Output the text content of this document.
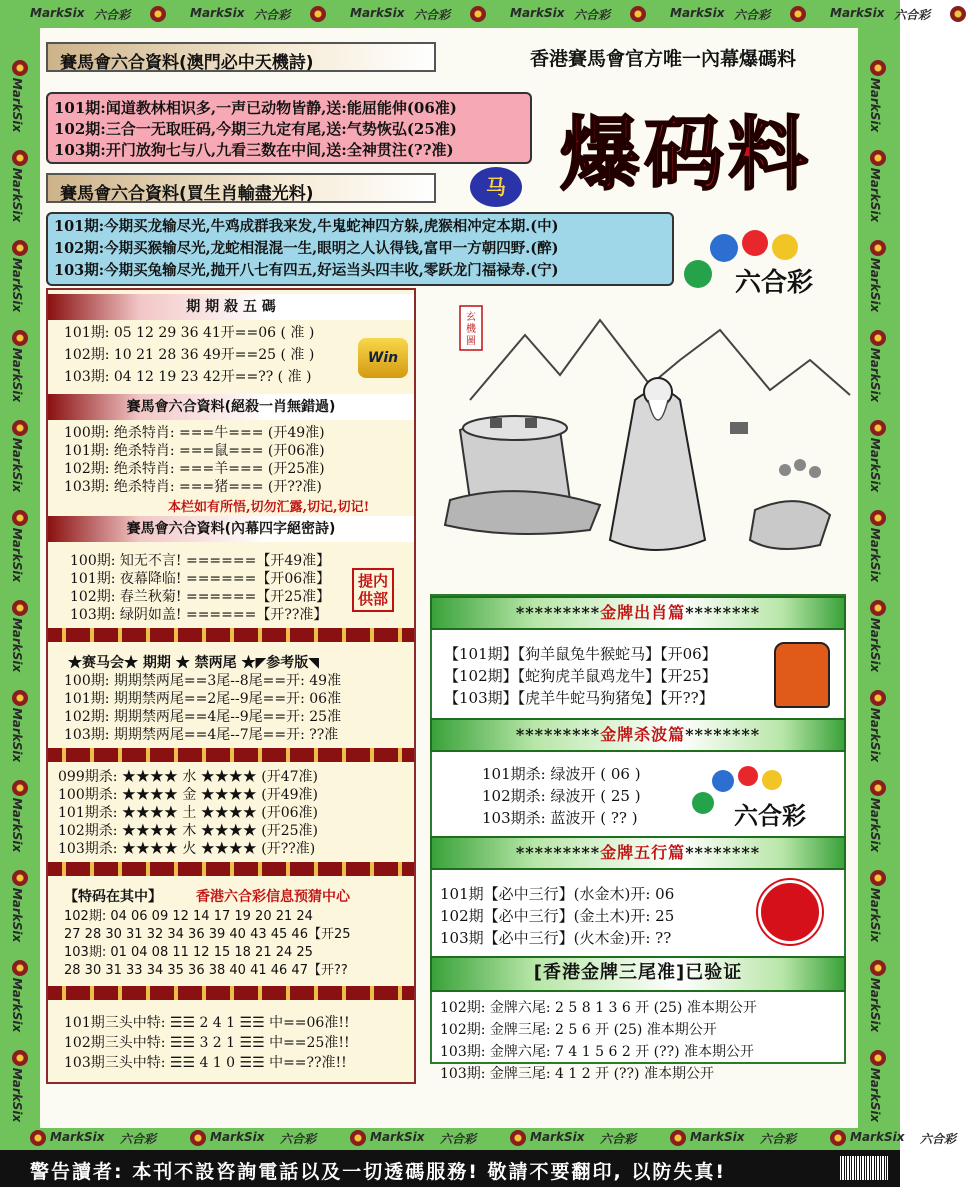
MarkSix 六合彩	MarkSix 六合彩	MarkSix 六合彩	MarkSix 六合彩	MarkSix 六合彩	MarkSix 六合彩
MarkSix 六合彩	MarkSix 六合彩	MarkSix 六合彩	MarkSix 六合彩	MarkSix 六合彩	MarkSix 六合彩
MarkSix	MarkSix
MarkSix	MarkSix
MarkSix	MarkSix
MarkSix	MarkSix
MarkSix	MarkSix
MarkSix	MarkSix
MarkSix	MarkSix
MarkSix	MarkSix
MarkSix	MarkSix
MarkSix	MarkSix
MarkSix	MarkSix
MarkSix	MarkSix
賽馬會六合資料(澳門必中天機詩)	香港賽馬會官方唯一內幕爆碼料
101期:闻道教林相识多,一声已动物皆静,送:能屈能伸(06准)
102期:三合一无取旺码,今期三九定有尾,送:气势恢弘(25准)
103期:开门放狗七与八,九看三数在中间,送:全神贯注(??准)	爆码料
賽馬會六合資料(買生肖輸盡光料)	马
101期:今期买龙输尽光,牛鸡成群我来发,牛鬼蛇神四方躲,虎猴相冲定本期.(中)
102期:今期买猴输尽光,龙蛇相混混一生,眼明之人认得钱,富甲一方朝四野.(醉)
103期:今期买兔输尽光,抛开八七有四五,好运当头四丰收,零跃龙门福禄寿.(宁)	六合彩
期 期 殺 五 碼
101期: 05 12 29 36 41开==06 ( 准 )
102期: 10 21 28 36 49开==25 ( 准 )
103期: 04 12 19 23 42开==?? ( 准 )
Win
賽馬會六合資料(絕殺一肖無錯過)
100期: 绝杀特肖: ===牛=== (开49准)
101期: 绝杀特肖: ===鼠=== (开06准)
102期: 绝杀特肖: ===羊=== (开25准)
103期: 绝杀特肖: ===猪=== (开??准)
本栏如有所悟,切勿汇露,切记,切记!
賽馬會六合資料(內幕四字絕密詩)
100期: 知无不言! ======【开49准】
101期: 夜幕降临! ======【开06准】
102期: 春兰秋菊! ======【开25准】
103期: 绿阴如盖! ======【开??准】
提内供部
★赛马会★ 期期 ★ 禁两尾 ★◤参考版◥
100期: 期期禁两尾==3尾--8尾==开: 49准
101期: 期期禁两尾==2尾--9尾==开: 06准
102期: 期期禁两尾==4尾--9尾==开: 25准
103期: 期期禁两尾==4尾--7尾==开: ??准
099期杀: ★★★★ 水 ★★★★ (开47准)
100期杀: ★★★★ 金 ★★★★ (开49准)
101期杀: ★★★★ 土 ★★★★ (开06准)
102期杀: ★★★★ 木 ★★★★ (开25准)
103期杀: ★★★★ 火 ★★★★ (开??准)
【特码在其中】 香港六合彩信息预猜中心
102期: 04 06 09 12 14 17 19 20 21 24
27 28 30 31 32 34 36 39 40 43 45 46【开25
103期: 01 04 08 11 12 15 18 21 24 25
28 30 31 33 34 35 36 38 40 41 46 47【开??
101期三头中特: ☰☰ 2 4 1 ☰☰ 中==06准!!
102期三头中特: ☰☰ 3 2 1 ☰☰ 中==25准!!
103期三头中特: ☰☰ 4 1 0 ☰☰ 中==??准!!
玄
機
圖
*********金牌出肖篇********
【101期】【狗羊鼠兔牛猴蛇马】【开06】
【102期】【蛇狗虎羊鼠鸡龙牛】【开25】
【103期】【虎羊牛蛇马狗猪兔】【开??】
*********金牌杀波篇********
101期杀: 绿波开 ( 06 )
102期杀: 绿波开 ( 25 )
103期杀: 蓝波开 ( ?? )	六合彩
*********金牌五行篇********
101期【必中三行】(水金木)开: 06
102期【必中三行】(金土木)开: 25
103期【必中三行】(火木金)开: ??
[香港金牌三尾准]已验证
102期: 金牌六尾: 2 5 8 1 3 6 开 (25) 准本期公开
102期: 金牌三尾: 2 5 6 开 (25) 准本期公开
103期: 金牌六尾: 7 4 1 5 6 2 开 (??) 准本期公开
103期: 金牌三尾: 4 1 2 开 (??) 准本期公开
警告讀者: 本刊不設咨詢電話以及一切透碼服務! 敬請不要翻印, 以防失真!
